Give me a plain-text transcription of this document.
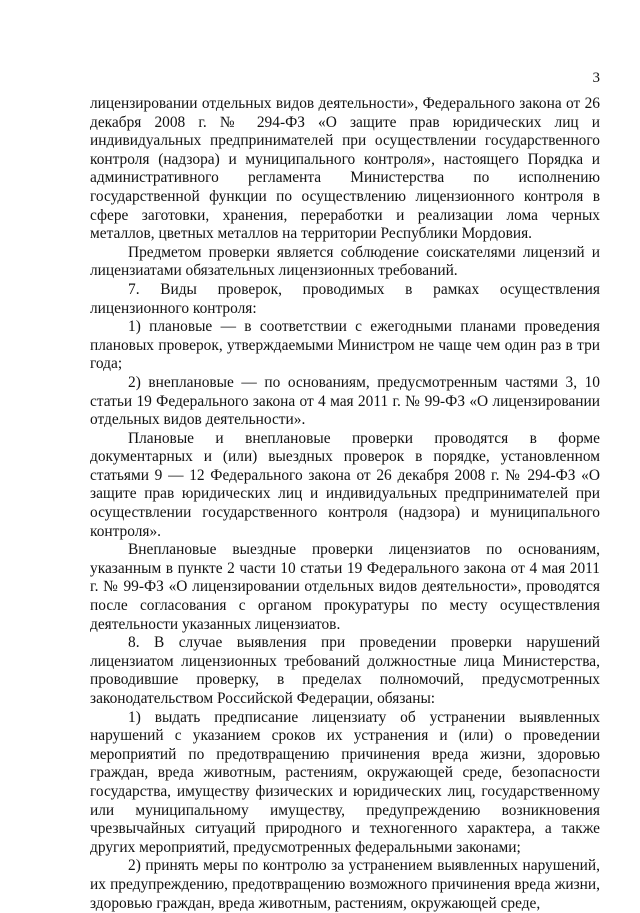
3

лицензировании отдельных видов деятельности», Федерального закона от 26 декабря 2008 г. № 294-ФЗ «О защите прав юридических лиц и индивидуальных предпринимателей при осуществлении государственного контроля (надзора) и муниципального контроля», настоящего Порядка и административного регламента Министерства по исполнению государственной функции по осуществлению лицензионного контроля в сфере заготовки, хранения, переработки и реализации лома черных металлов, цветных металлов на территории Республики Мордовия.

Предметом проверки является соблюдение соискателями лицензий и лицензиатами обязательных лицензионных требований.

7. Виды проверок, проводимых в рамках осуществления лицензионного контроля:

1) плановые — в соответствии с ежегодными планами проведения плановых проверок, утверждаемыми Министром не чаще чем один раз в три года;

2) внеплановые — по основаниям, предусмотренным частями 3, 10 статьи 19 Федерального закона от 4 мая 2011 г. № 99-ФЗ «О лицензировании отдельных видов деятельности».

Плановые и внеплановые проверки проводятся в форме документарных и (или) выездных проверок в порядке, установленном статьями 9 — 12 Федерального закона от 26 декабря 2008 г. № 294-ФЗ «О защите прав юридических лиц и индивидуальных предпринимателей при осуществлении государственного контроля (надзора) и муниципального контроля».

Внеплановые выездные проверки лицензиатов по основаниям, указанным в пункте 2 части 10 статьи 19 Федерального закона от 4 мая 2011 г. № 99-ФЗ «О лицензировании отдельных видов деятельности», проводятся после согласования с органом прокуратуры по месту осуществления деятельности указанных лицензиатов.

8. В случае выявления при проведении проверки нарушений лицензиатом лицензионных требований должностные лица Министерства, проводившие проверку, в пределах полномочий, предусмотренных законодательством Российской Федерации, обязаны:

1) выдать предписание лицензиату об устранении выявленных нарушений с указанием сроков их устранения и (или) о проведении мероприятий по предотвращению причинения вреда жизни, здоровью граждан, вреда животным, растениям, окружающей среде, безопасности государства, имуществу физических и юридических лиц, государственному или муниципальному имуществу, предупреждению возникновения чрезвычайных ситуаций природного и техногенного характера, а также других мероприятий, предусмотренных федеральными законами;

2) принять меры по контролю за устранением выявленных нарушений, их предупреждению, предотвращению возможного причинения вреда жизни, здоровью граждан, вреда животным, растениям, окружающей среде,
